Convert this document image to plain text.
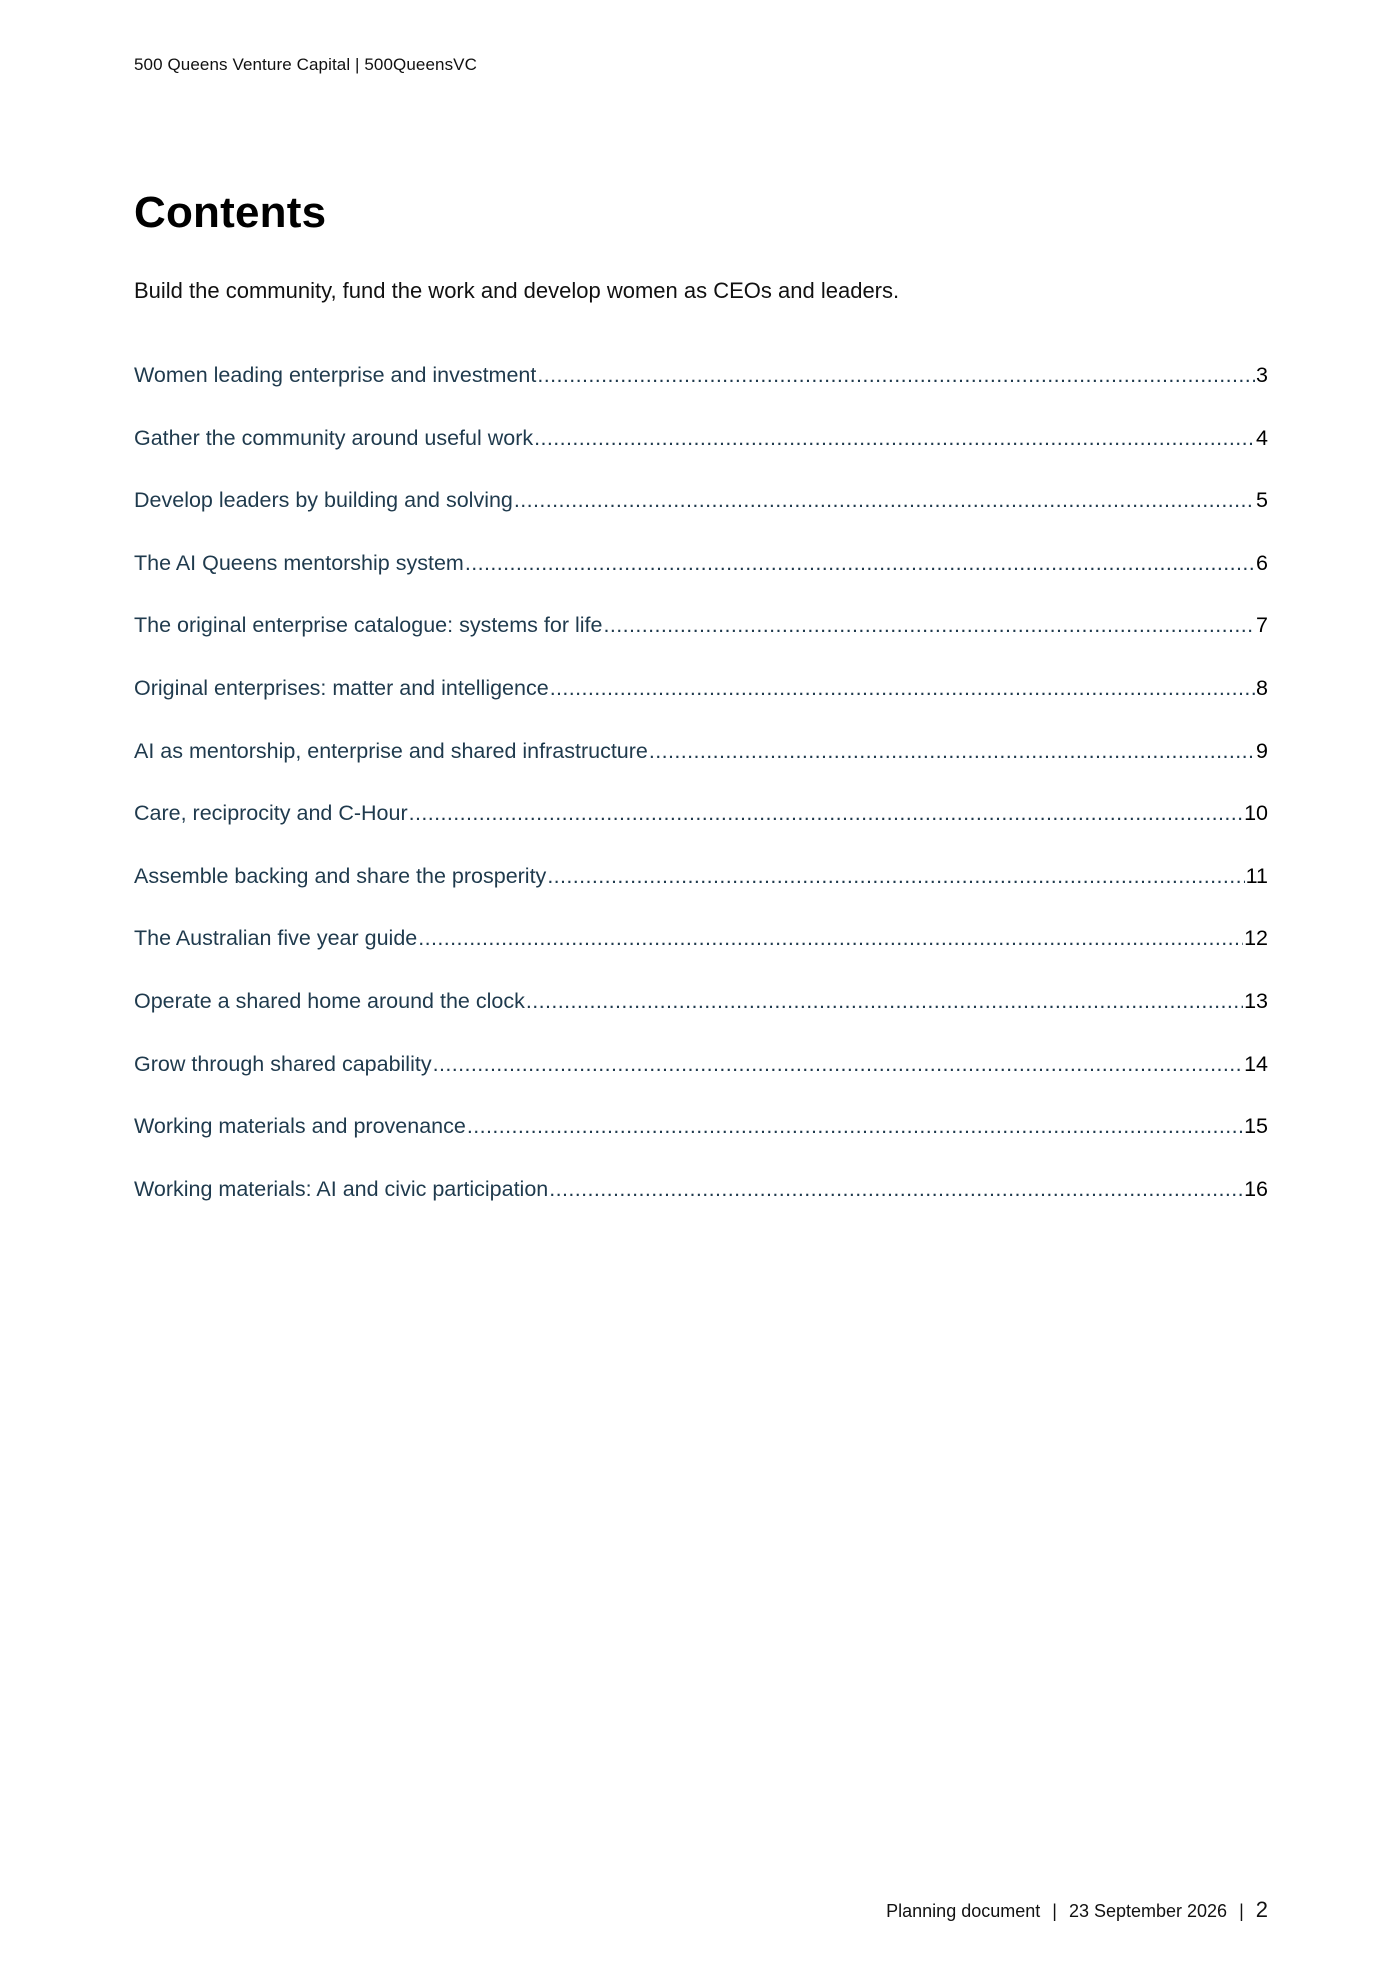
500 Queens Venture Capital | 500QueensVC
Contents

Build the community, fund the work and develop women as CEOs and leaders.

Women leading enterprise and investment .....	3
Gather the community around useful work .....	4
Develop leaders by building and solving .....	5
The AI Queens mentorship system .....	6
The original enterprise catalogue: systems for life .....	7
Original enterprises: matter and intelligence .....	8
AI as mentorship, enterprise and shared infrastructure .....	9
Care, reciprocity and C-Hour .....	10
Assemble backing and share the prosperity .....	11
The Australian five year guide .....	12
Operate a shared home around the clock .....	13
Grow through shared capability .....	14
Working materials and provenance .....	15
Working materials: AI and civic participation .....	16
Planning document | 23 September 2026 | 2
